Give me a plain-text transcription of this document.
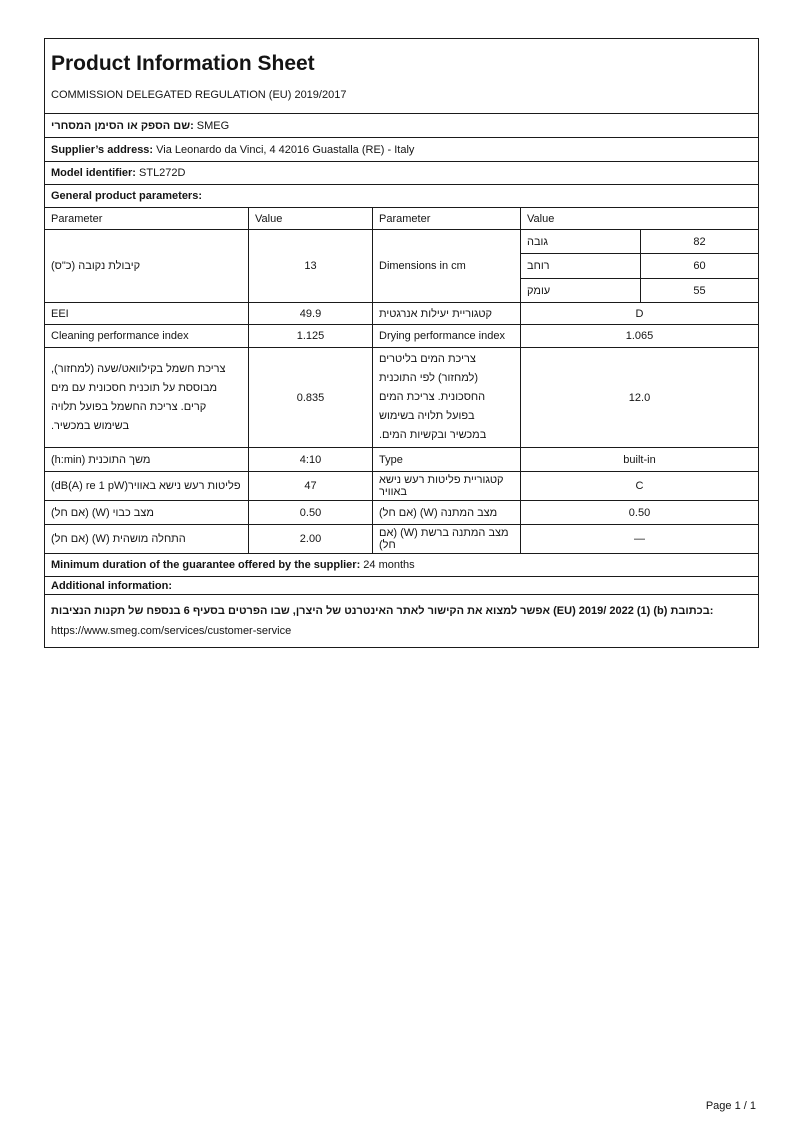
Product Information Sheet
COMMISSION DELEGATED REGULATION (EU) 2019/2017				

שם הספק או הסימן המסחרי: SMEG				
Supplier’s address: Via Leonardo da Vinci, 4 42016 Guastalla (RE) - Italy				
Model identifier: STL272D				
General product parameters:				
Parameter	Value	Parameter	Value	
קיבולת נקובה (כ"ס)	13	Dimensions in cm	גובה	82
			רוחב	60
			עומק	55
EEI	49.9	קטגוריית יעילות אנרגטית	D	
Cleaning performance index	1.125	Drying performance index	1.065	
צריכת חשמל בקילוואט/שעה (למחזור), מבוססת על תוכנית חסכונית עם מים קרים. צריכת החשמל בפועל תלויה בשימוש במכשיר.	0.835	צריכת המים בליטרים (למחזור) לפי התוכנית החסכונית. צריכת המים בפועל תלויה בשימוש במכשיר ובקשיות המים.	12.0	
משך התוכנית (h:min)	4:10	Type	built-in	
פליטות רעש נישא באוויר(dB(A) re 1 pW)	47	קטגוריית פליטות רעש נישא באוויר	C	
מצב כבוי (W) (אם חל)	0.50	מצב המתנה (W) (אם חל)	0.50	
התחלה מושהית (W) (אם חל)	2.00	מצב המתנה ברשת (W) (אם חל)	—	
Minimum duration of the guarantee offered by the supplier: 24 months				
Additional information:				

אפשר למצוא את הקישור לאתר האינטרנט של היצרן, שבו הפרטים בסעיף 6 בנספח של תקנות הנציבות (EU) 2019/ 2022 (1) (b) בכתובת:
https://www.smeg.com/services/customer-service				
Page 1 / 1
